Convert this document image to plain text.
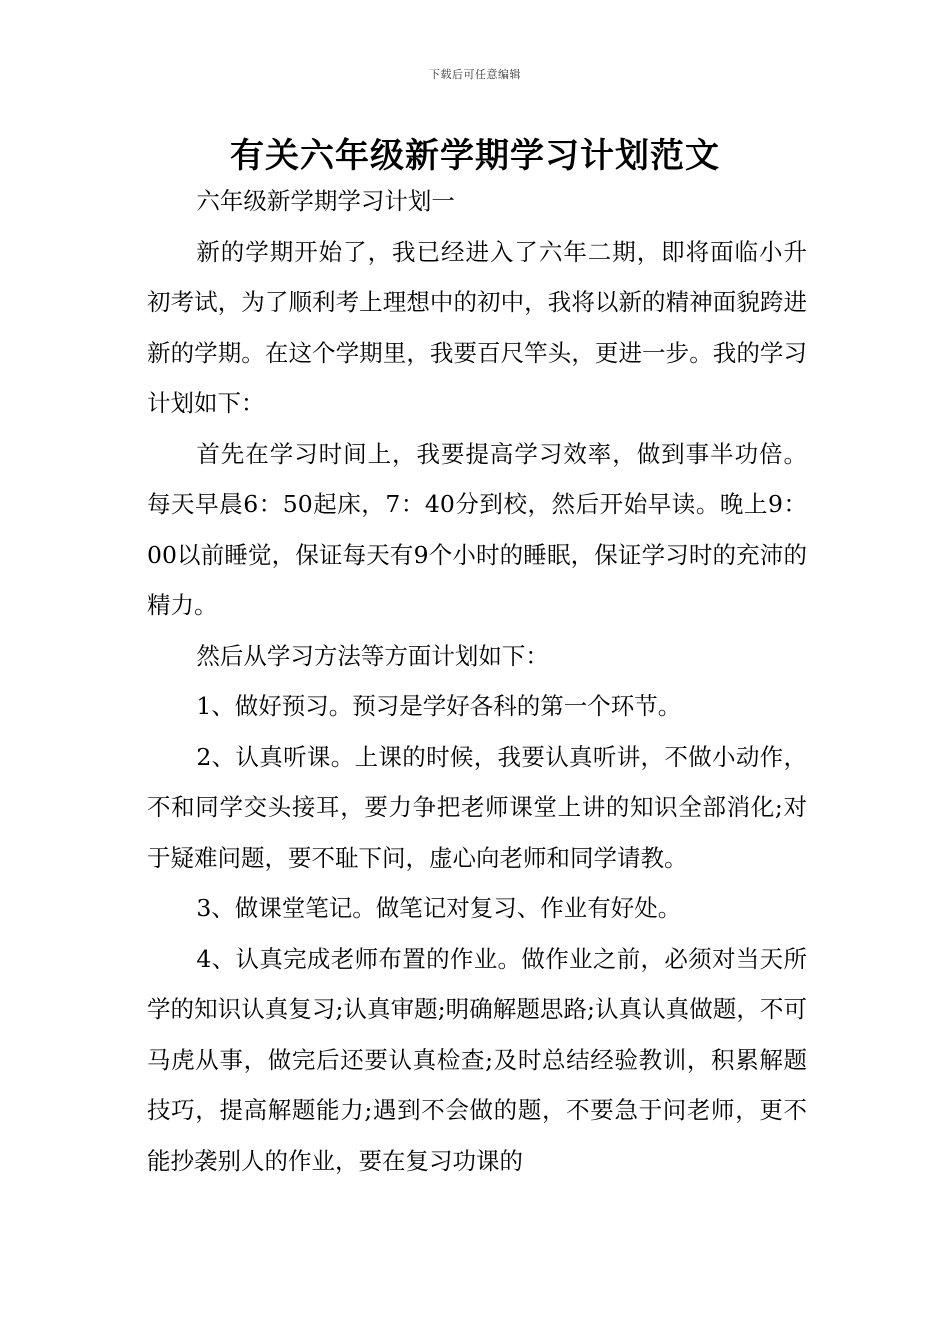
下载后可任意编辑
有关六年级新学期学习计划范文

六年级新学期学习计划一

新的学期开始了，我已经进入了六年二期，即将面临小升初考试，为了顺利考上理想中的初中，我将以新的精神面貌跨进新的学期。在这个学期里，我要百尺竿头，更进一步。我的学习计划如下：

首先在学习时间上，我要提高学习效率，做到事半功倍。每天早晨6：50起床，7：40分到校，然后开始早读。晚上9：00以前睡觉，保证每天有9个小时的睡眠，保证学习时的充沛的精力。

然后从学习方法等方面计划如下：

1、做好预习。预习是学好各科的第一个环节。

2、认真听课。上课的时候，我要认真听讲，不做小动作，不和同学交头接耳，要力争把老师课堂上讲的知识全部消化;对于疑难问题，要不耻下问，虚心向老师和同学请教。

3、做课堂笔记。做笔记对复习、作业有好处。

4、认真完成老师布置的作业。做作业之前，必须对当天所学的知识认真复习;认真审题;明确解题思路;认真认真做题，不可马虎从事，做完后还要认真检查;及时总结经验教训，积累解题技巧，提高解题能力;遇到不会做的题，不要急于问老师，更不能抄袭别人的作业，要在复习功课的
